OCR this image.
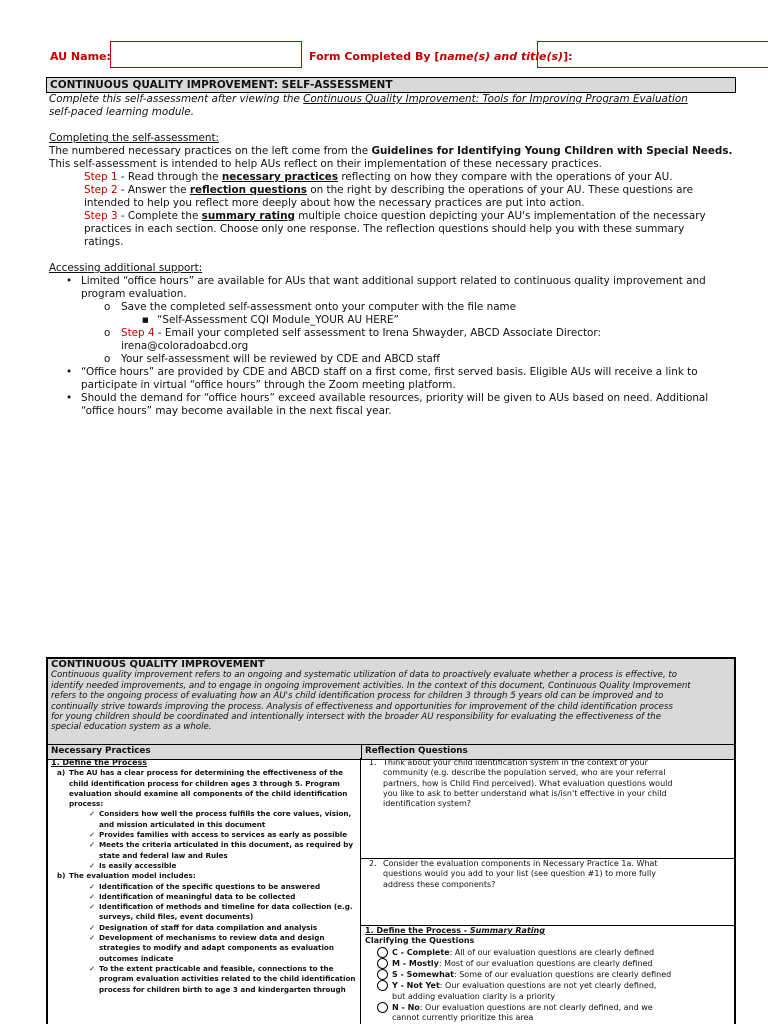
AU Name:	Form Completed By [name(s) and title(s)]:
CONTINUOUS QUALITY IMPROVEMENT: SELF-ASSESSMENT
Complete this self-assessment after viewing the Continuous Quality Improvement: Tools for Improving Program Evaluation
self-paced learning module.
Completing the self-assessment:
The numbered necessary practices on the left come from the Guidelines for Identifying Young Children with Special Needs.
This self-assessment is intended to help AUs reflect on their implementation of these necessary practices.
Step 1 - Read through the necessary practices reflecting on how they compare with the operations of your AU.
Step 2 - Answer the reflection questions on the right by describing the operations of your AU. These questions are
intended to help you reflect more deeply about how the necessary practices are put into action.
Step 3 - Complete the summary rating multiple choice question depicting your AU's implementation of the necessary
practices in each section. Choose only one response. The reflection questions should help you with these summary
ratings.
Accessing additional support:
• Limited “office hours” are available for AUs that want additional support related to continuous quality improvement and
program evaluation.
o Save the completed self-assessment onto your computer with the file name
■ “Self-Assessment CQI Module_YOUR AU HERE”
o Step 4 - Email your completed self assessment to Irena Shwayder, ABCD Associate Director:
irena@coloradoabcd.org
o Your self-assessment will be reviewed by CDE and ABCD staff
• “Office hours” are provided by CDE and ABCD staff on a first come, first served basis. Eligible AUs will receive a link to
participate in virtual “office hours” through the Zoom meeting platform.
• Should the demand for “office hours” exceed available resources, priority will be given to AUs based on need. Additional
“office hours” may become available in the next fiscal year.
CONTINUOUS QUALITY IMPROVEMENT
Continuous quality improvement refers to an ongoing and systematic utilization of data to proactively evaluate whether a process is effective, to
identify needed improvements, and to engage in ongoing improvement activities. In the context of this document, Continuous Quality Improvement
refers to the ongoing process of evaluating how an AU's child identification process for children 3 through 5 years old can be improved and to
continually strive towards improving the process. Analysis of effectiveness and opportunities for improvement of the child identification process
for young children should be coordinated and intentionally intersect with the broader AU responsibility for evaluating the effectiveness of the
special education system as a whole.
Necessary Practices	Reflection Questions
1. Define the Process
a) The AU has a clear process for determining the effectiveness of the
child identification process for children ages 3 through 5. Program
evaluation should examine all components of the child identification
process:
✓ Considers how well the process fulfills the core values, vision,
and mission articulated in this document
✓ Provides families with access to services as early as possible
✓ Meets the criteria articulated in this document, as required by
state and federal law and Rules
✓ Is easily accessible
b) The evaluation model includes:
✓ Identification of the specific questions to be answered
✓ Identification of meaningful data to be collected
✓ Identification of methods and timeline for data collection (e.g.
surveys, child files, event documents)
✓ Designation of staff for data compilation and analysis
✓ Development of mechanisms to review data and design
strategies to modify and adapt components as evaluation
outcomes indicate
✓ To the extent practicable and feasible, connections to the
program evaluation activities related to the child identification
process for children birth to age 3 and kindergarten through
1. Think about your child identification system in the context of your
community (e.g. describe the population served, who are your referral
partners, how is Child Find perceived). What evaluation questions would
you like to ask to better understand what is/isn't effective in your child
identification system?
2. Consider the evaluation components in Necessary Practice 1a. What
questions would you add to your list (see question #1) to more fully
address these components?
1. Define the Process - Summary Rating
Clarifying the Questions
C - Complete: All of our evaluation questions are clearly defined
M - Mostly: Most of our evaluation questions are clearly defined
S - Somewhat: Some of our evaluation questions are clearly defined
Y - Not Yet: Our evaluation questions are not yet clearly defined,
but adding evaluation clarity is a priority
N - No: Our evaluation questions are not clearly defined, and we
cannot currently prioritize this area
